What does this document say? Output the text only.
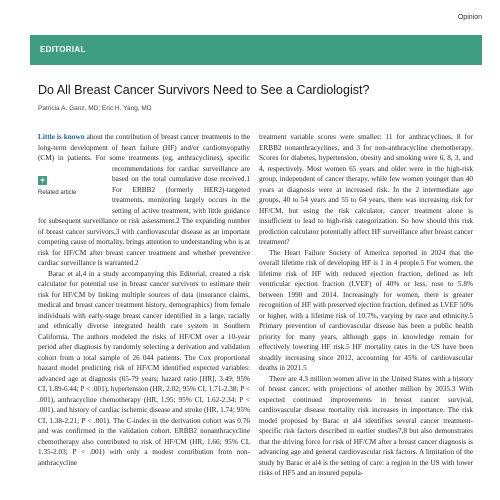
Opinion
EDITORIAL
Do All Breast Cancer Survivors Need to See a Cardiologist?
Patricia A. Ganz, MD; Eric H. Yang, MD

Little is known about the contribution of breast cancer treatments to the long-term development of heart failure (HF) and/or cardiomyopathy (CM) in patients. For some treatments (eg, anthracyclines), specific recommendations for
+
Related article
cardiac surveillance are based on the total cumulative dose received.1 For ERBB2 (formerly HER2)-targeted treatments, monitoring largely occurs in the setting of active treatment, with little guidance for subsequent surveillance or risk assessment.2 The expanding number of breast cancer survivors,3 with cardiovascular disease as an important competing cause of mortality, brings attention to understanding who is at risk for HF/CM after breast cancer treatment and whether preventive cardiac surveillance is warranted.2

Barac et al,4 in a study accompanying this Editorial, created a risk calculator for potential use in breast cancer survivors to estimate their risk for HF/CM by linking multiple sources of data (insurance claims, medical and breast cancer treatment history, demographics) from female individuals with early-stage breast cancer identified in a large, racially and ethnically diverse integrated health care system in Southern California. The authors modeled the risks of HF/CM over a 10-year period after diagnosis by randomly selecting a derivation and validation cohort from a total sample of 26 044 patients. The Cox proportional hazard model predicting risk of HF/CM identified expected variables: advanced age at diagnosis (65-79 years; hazard ratio [HR], 3.49; 95% CI, 1.89-6.44; P < .001), hypertension (HR, 2.02; 95% CI, 1.71-2.38; P < .001), anthracycline chemotherapy (HR, 1.95; 95% CI, 1.62-2.34; P < .001), and history of cardiac ischemic disease and stroke (HR, 1.74; 95% CI, 1.38-2.21; P < .001). The C-index in the derivation cohort was 0.76 and was confirmed in the validation cohort. ERBB2 nonanthracycline chemotherapy also contributed to risk of HF/CM (HR, 1.66; 95% CI, 1.35-2.03; P < .001) with only a modest contribution from non-anthracycline

treatment variable scores were smaller: 11 for anthracyclines, 8 for ERBB2 nonanthracyclines, and 3 for non-anthracycline chemotherapy. Scores for diabetes, hypertension, obesity and smoking were 6, 8, 3, and 4, respectively. Most women 65 years and older were in the high-risk group, independent of cancer therapy, while few women younger than 40 years at diagnosis were at increased risk. In the 2 intermediate age groups, 40 to 54 years and 55 to 64 years, there was increasing risk for HF/CM, but using the risk calculator, cancer treatment alone is insufficient to lead to high-risk categorization. So how should this risk prediction calculator potentially affect HF surveillance after breast cancer treatment?

The Heart Failure Society of America reported in 2024 that the overall lifetime risk of developing HF is 1 in 4 people.5 For women, the lifetime risk of HF with reduced ejection fraction, defined as left ventricular ejection fraction (LVEF) of 40% or less, rose to 5.8% between 1990 and 2014. Increasingly for women, there is greater recognition of HF with preserved ejection fraction, defined as LVEF 50% or higher, with a lifetime risk of 10.7%, varying by race and ethnicity.5 Primary prevention of cardiovascular disease has been a public health priority for many years, although gaps in knowledge remain for effectively lowering HF risk.5 HF mortality rates in the US have been steadily increasing since 2012, accounting for 45% of cardiovascular deaths in 2021.5

There are 4.3 million women alive in the United States with a history of breast cancer, with projections of another million by 2035.3 With expected continued improvements in breast cancer survival, cardiovascular disease mortality risk increases in importance. The risk model proposed by Barac et al4 identifies several cancer treatment-specific risk factors described in earlier studies7,8 but also demonstrates that the driving force for risk of HF/CM after a breast cancer diagnosis is advancing age and general cardiovascular risk factors. A limitation of the study by Barac et al4 is the setting of care: a region in the US with lower risks of HF5 and an insured popula-
